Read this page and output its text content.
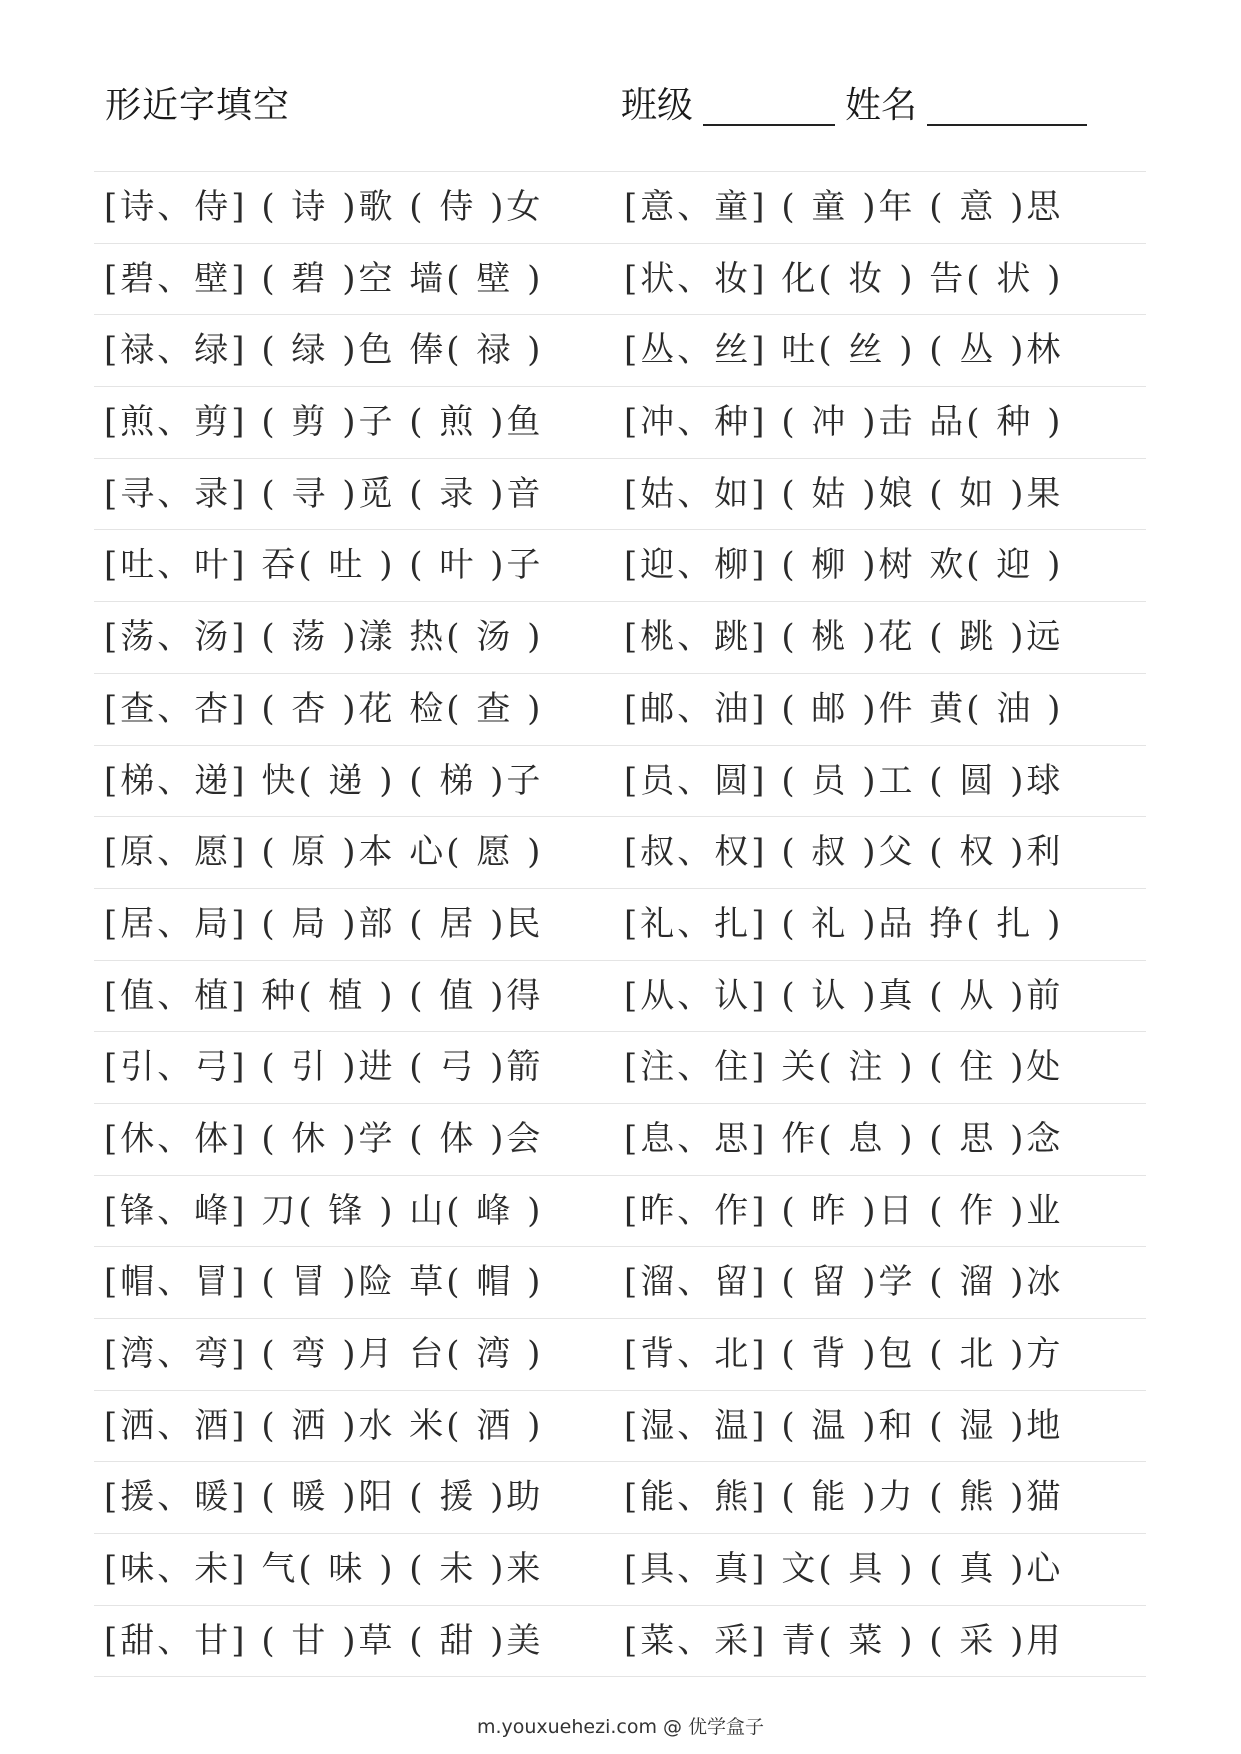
形近字填空	班级	姓名
[诗、侍] ( 诗 )歌 ( 侍 )女 [意、童] ( 童 )年 ( 意 )思
[碧、壁] ( 碧 )空 墙( 壁 ) [状、妆] 化( 妆 ) 告( 状 )
[禄、绿] ( 绿 )色 俸( 禄 ) [丛、丝] 吐( 丝 ) ( 丛 )林
[煎、剪] ( 剪 )子 ( 煎 )鱼 [冲、种] ( 冲 )击 品( 种 )
[寻、录] ( 寻 )觅 ( 录 )音 [姑、如] ( 姑 )娘 ( 如 )果
[吐、叶] 吞( 吐 ) ( 叶 )子 [迎、柳] ( 柳 )树 欢( 迎 )
[荡、汤] ( 荡 )漾 热( 汤 ) [桃、跳] ( 桃 )花 ( 跳 )远
[查、杏] ( 杏 )花 检( 查 ) [邮、油] ( 邮 )件 黄( 油 )
[梯、递] 快( 递 ) ( 梯 )子 [员、圆] ( 员 )工 ( 圆 )球
[原、愿] ( 原 )本 心( 愿 ) [叔、权] ( 叔 )父 ( 权 )利
[居、局] ( 局 )部 ( 居 )民 [礼、扎] ( 礼 )品 挣( 扎 )
[值、植] 种( 植 ) ( 值 )得 [从、认] ( 认 )真 ( 从 )前
[引、弓] ( 引 )进 ( 弓 )箭 [注、住] 关( 注 ) ( 住 )处
[休、体] ( 休 )学 ( 体 )会 [息、思] 作( 息 ) ( 思 )念
[锋、峰] 刀( 锋 ) 山( 峰 ) [昨、作] ( 昨 )日 ( 作 )业
[帽、冒] ( 冒 )险 草( 帽 ) [溜、留] ( 留 )学 ( 溜 )冰
[湾、弯] ( 弯 )月 台( 湾 ) [背、北] ( 背 )包 ( 北 )方
[洒、酒] ( 洒 )水 米( 酒 ) [湿、温] ( 温 )和 ( 湿 )地
[援、暖] ( 暖 )阳 ( 援 )助 [能、熊] ( 能 )力 ( 熊 )猫
[味、未] 气( 味 ) ( 未 )来 [具、真] 文( 具 ) ( 真 )心
[甜、甘] ( 甘 )草 ( 甜 )美 [菜、采] 青( 菜 ) ( 采 )用
m.youxuehezi.com @ 优学盒子
